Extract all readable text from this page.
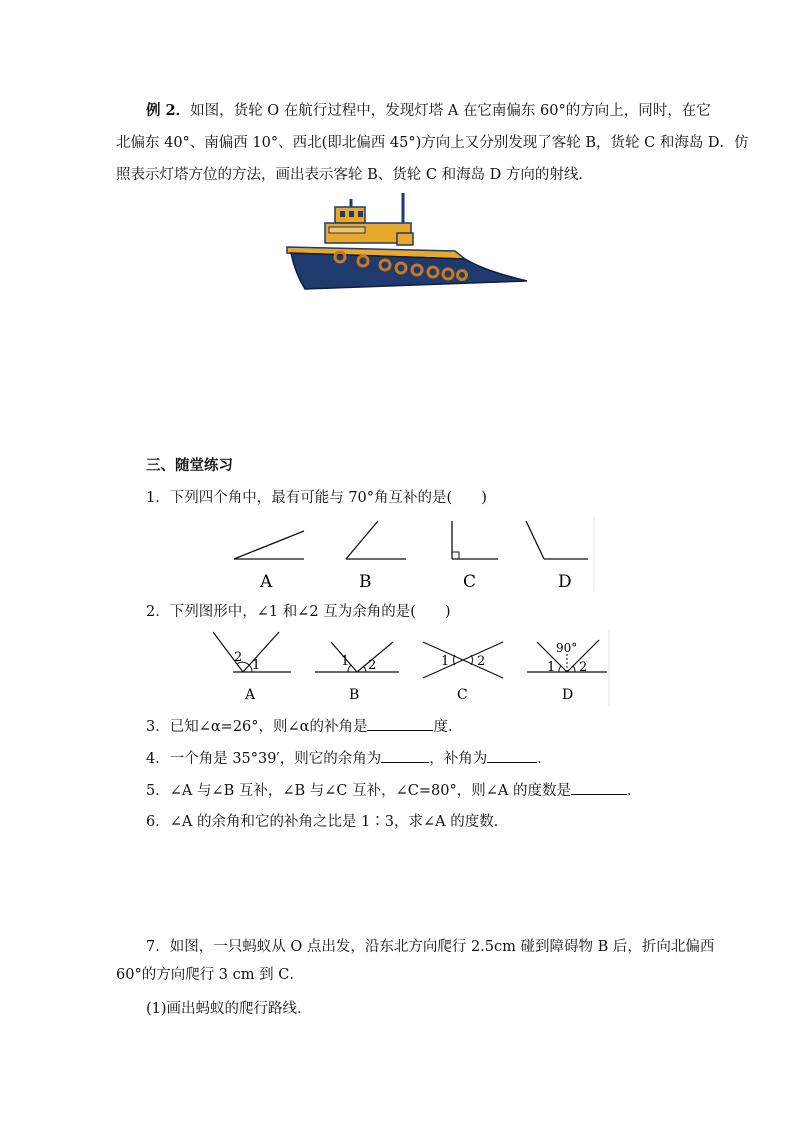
例 2．如图，货轮 O 在航行过程中，发现灯塔 A 在它南偏东 60°的方向上，同时，在它
北偏东 40°、南偏西 10°、西北(即北偏西 45°)方向上又分别发现了客轮 B，货轮 C 和海岛 D．仿
照表示灯塔方位的方法，画出表示客轮 B、货轮 C 和海岛 D 方向的射线．
三、随堂练习
1．下列四个角中，最有可能与 70°角互补的是(　　)
A	B	C	D
2．下列图形中，∠1 和∠2 互为余角的是(　　)
2
1	1 2	1 2
90°
1 2
A	B	C	D
3．已知∠α=26°，则∠α的补角是	度．
4．一个角是 35°39′，则它的余角为	，补角为	．
5．∠A 与∠B 互补，∠B 与∠C 互补，∠C=80°，则∠A 的度数是	．
6．∠A 的余角和它的补角之比是 1∶3，求∠A 的度数．
7．如图，一只蚂蚁从 O 点出发，沿东北方向爬行 2.5cm 碰到障碍物 B 后，折向北偏西
60°的方向爬行 3 cm 到 C．
(1)画出蚂蚁的爬行路线．
